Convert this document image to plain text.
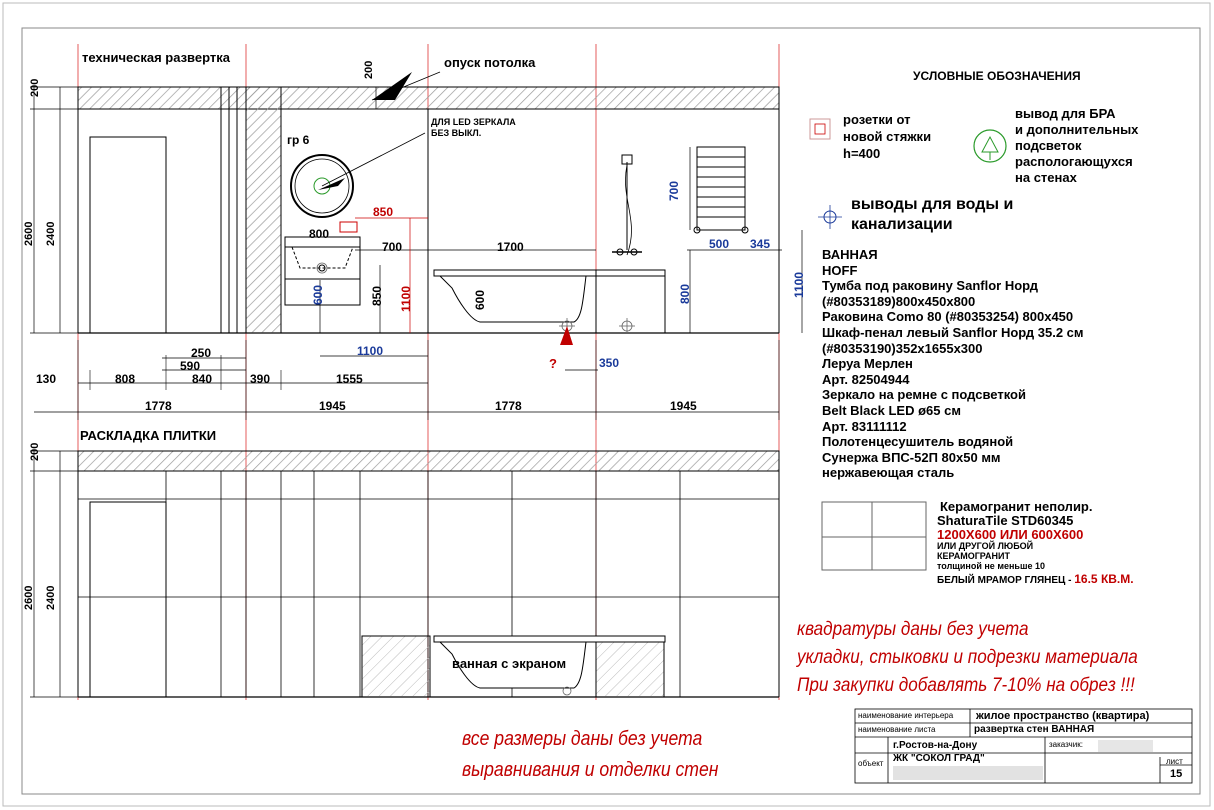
техническая развертка	опуск потолка
РАСКЛАДКА ПЛИТКИ
УСЛОВНЫЕ ОБОЗНАЧЕНИЯ
ДЛЯ LED ЗЕРКАЛА
БЕЗ ВЫКЛ.
гр 6
ванная с экраном
?
200
2600 2400
200
850
800
700	1700
600	850 1100	600	800
700
500 345
1100
1100
350
250
590
840
130	808	390	1555
1778	1945	1778	1945
200
2600 2400
розетки от
новой стяжки
h=400
вывод для БРА
и дополнительных
подсветок
распологающухся
на стенах
выводы для воды и
канализации
ВАННАЯ
HOFF
Тумба под раковину Sanflor Норд
(#80353189)800х450х800
Раковина Como 80 (#80353254) 800х450
Шкаф-пенал левый Sanflor Норд 35.2 см
(#80353190)352х1655х300
Леруа Мерлен
Арт. 82504944
Зеркало на ремне с подсветкой
Belt Black LED ø65 см
Арт. 83111112
Полотенцесушитель водяной
Сунержа ВПС-52П 80х50 мм
нержавеющая сталь
Керамогранит неполир.
ShaturaTile STD60345
1200Х600 ИЛИ 600Х600
ИЛИ ДРУГОЙ ЛЮБОЙ
КЕРАМОГРАНИТ
толщиной не меньше 10
БЕЛЫЙ МРАМОР ГЛЯНЕЦ - 16.5 КВ.М.
квадратуры даны без учета
укладки, стыковки и подрезки материала
При закупки добавлять 7-10% на обрез !!!
все размеры даны без учета
выравнивания и отделки стен
наименование интерьера жилое пространство (квартира)
наименование листа	развертка стен ВАННАЯ
объект
г.Ростов-на-Дону
ЖК "СОКОЛ ГРАД"
заказчик:
лист
15
